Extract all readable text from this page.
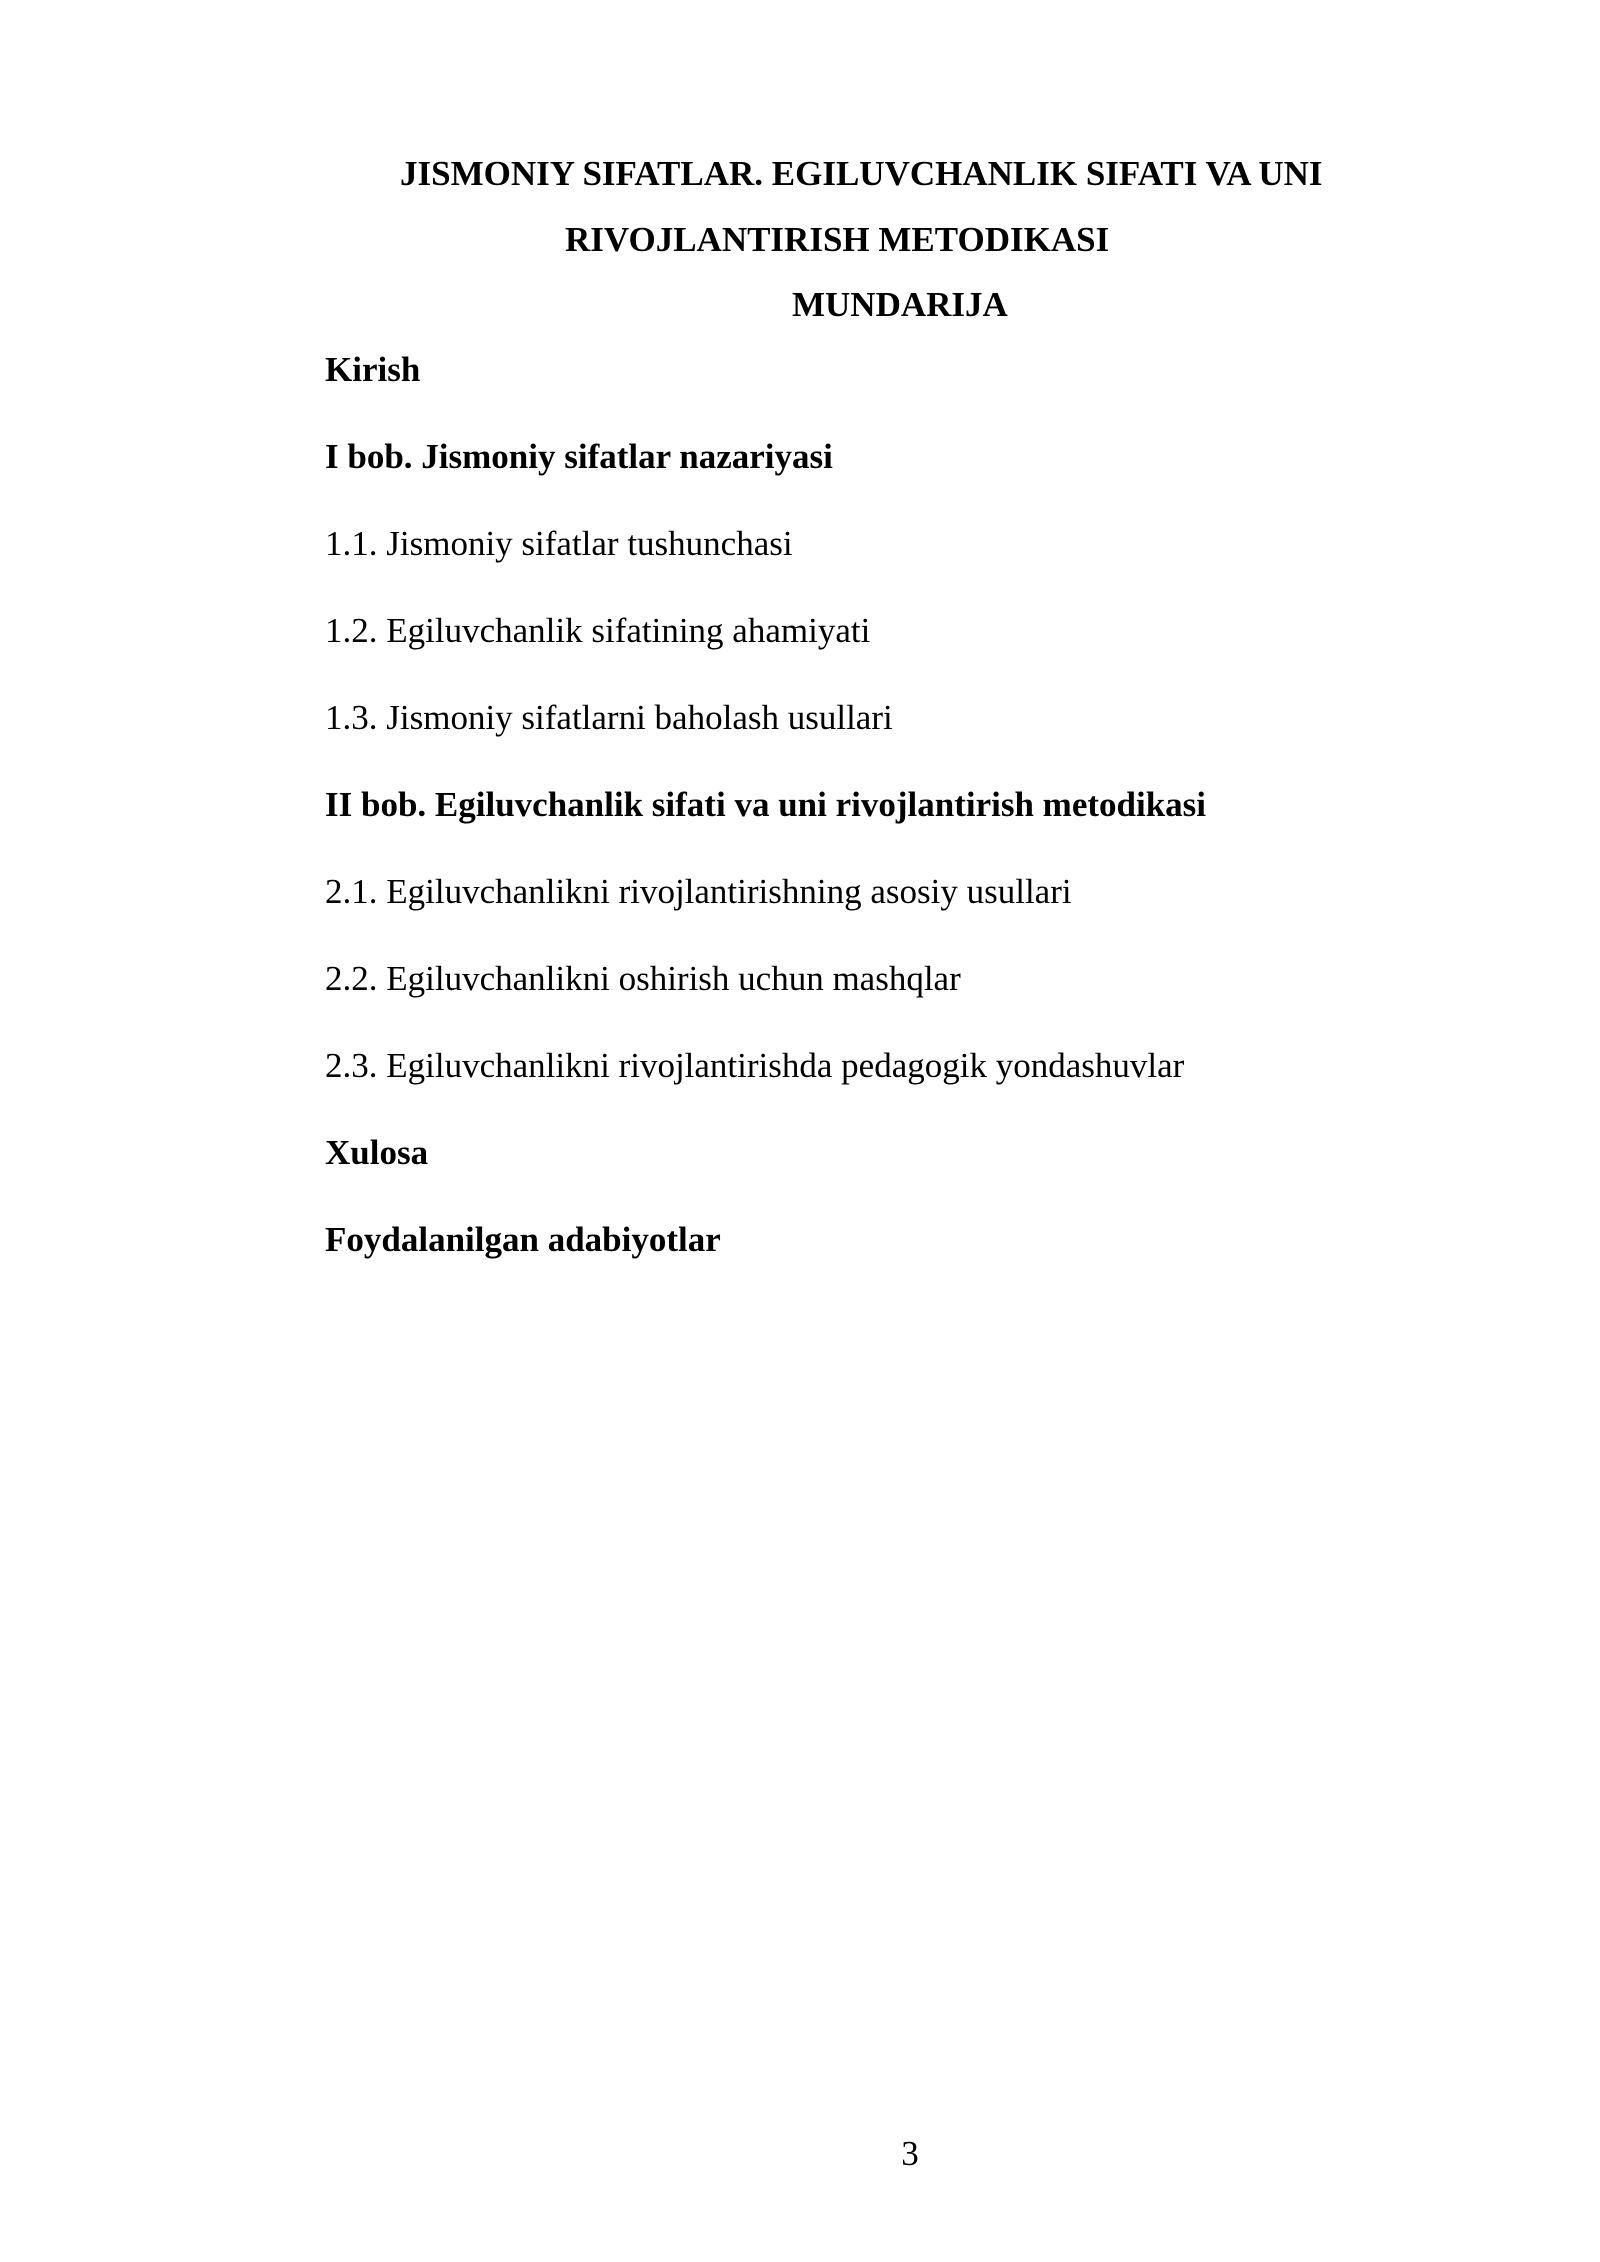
JISMONIY SIFATLAR. EGILUVCHANLIK SIFATI VA UNI
RIVOJLANTIRISH METODIKASI
MUNDARIJA
Kirish
I bob. Jismoniy sifatlar nazariyasi
1.1. Jismoniy sifatlar tushunchasi
1.2. Egiluvchanlik sifatining ahamiyati
1.3. Jismoniy sifatlarni baholash usullari
II bob. Egiluvchanlik sifati va uni rivojlantirish metodikasi
2.1. Egiluvchanlikni rivojlantirishning asosiy usullari
2.2. Egiluvchanlikni oshirish uchun mashqlar
2.3. Egiluvchanlikni rivojlantirishda pedagogik yondashuvlar
Xulosa
Foydalanilgan adabiyotlar
3
